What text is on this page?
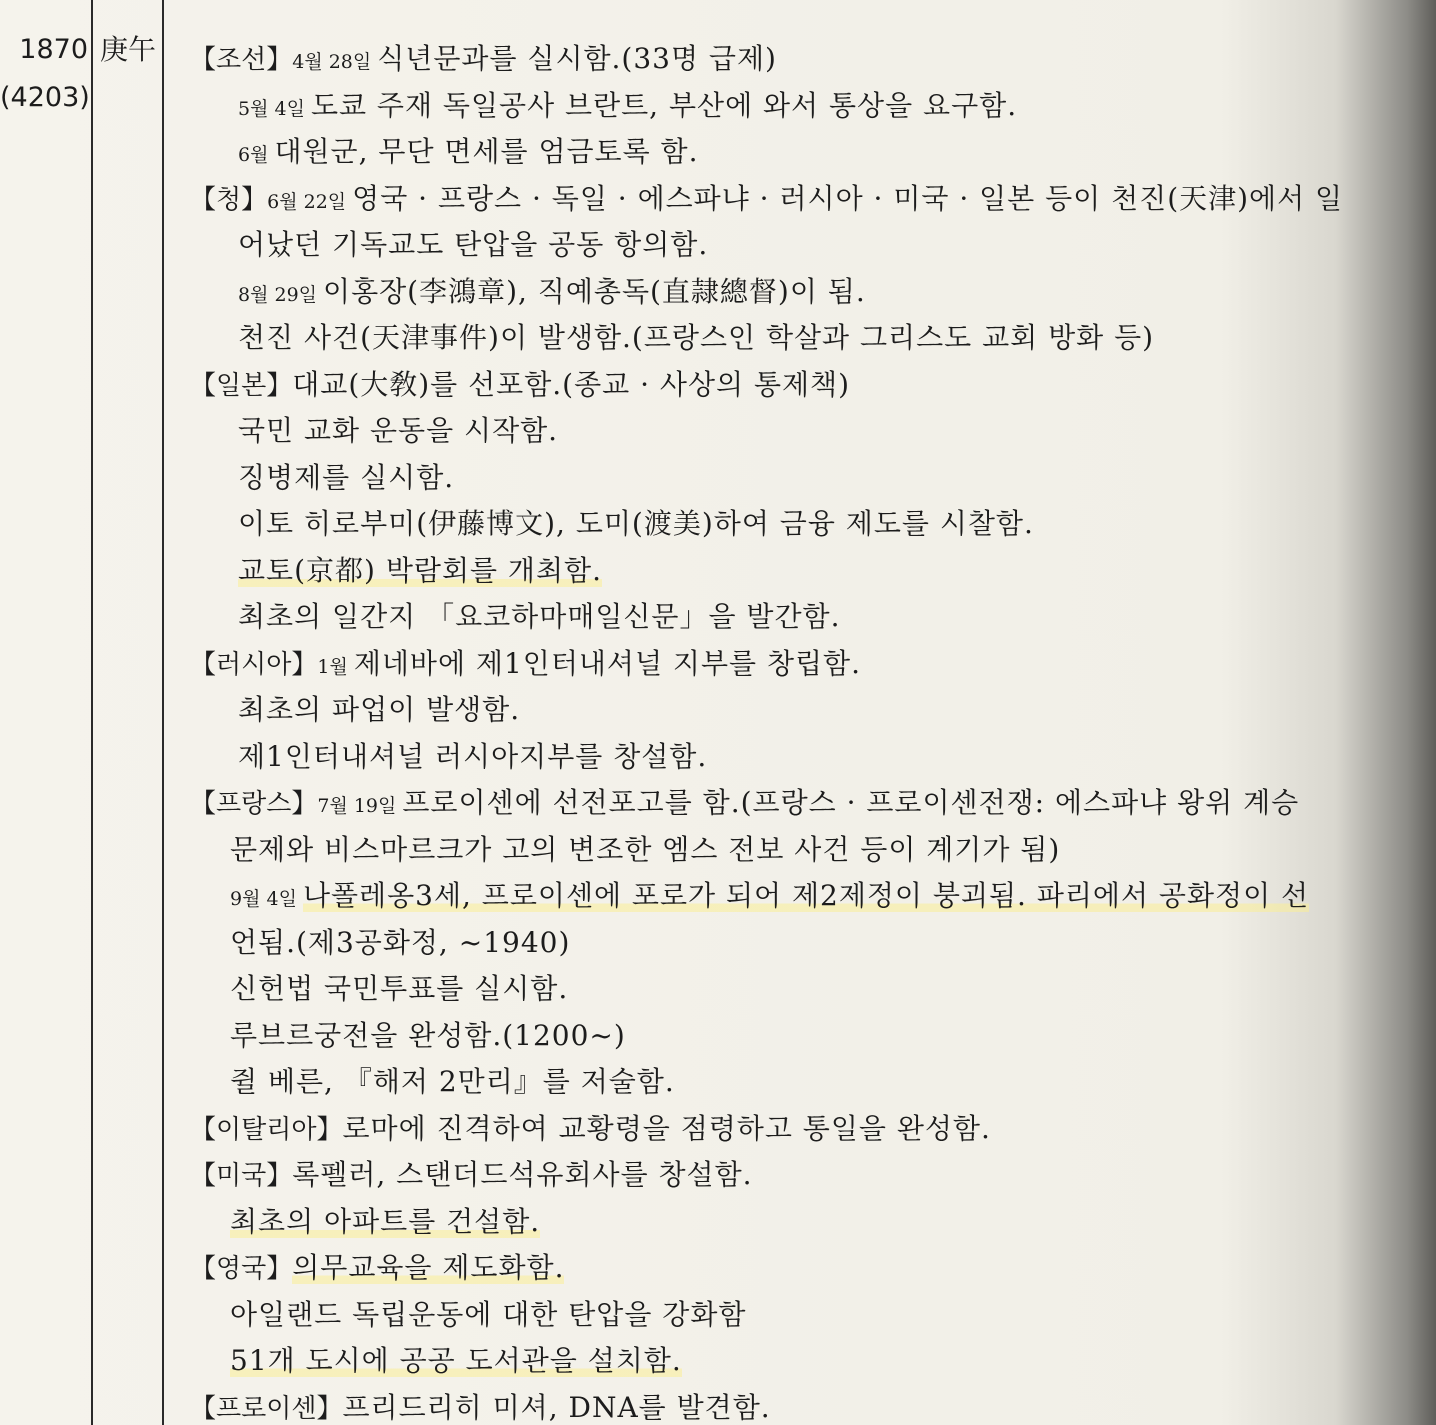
1870
(4203)
庚午 【조선】4월 28일 식년문과를 실시함.(33명 급제)
5월 4일 도쿄 주재 독일공사 브란트, 부산에 와서 통상을 요구함.
6월 대원군, 무단 면세를 엄금토록 함.
【청】6월 22일 영국 · 프랑스 · 독일 · 에스파냐 · 러시아 · 미국 · 일본 등이 천진(天津)에서 일
어났던 기독교도 탄압을 공동 항의함.
8월 29일 이홍장(李鴻章), 직예총독(直隷總督)이 됨.
천진 사건(天津事件)이 발생함.(프랑스인 학살과 그리스도 교회 방화 등)
【일본】대교(大敎)를 선포함.(종교 · 사상의 통제책)
국민 교화 운동을 시작함.
징병제를 실시함.
이토 히로부미(伊藤博文), 도미(渡美)하여 금융 제도를 시찰함.
교토(京都) 박람회를 개최함.
최초의 일간지 「요코하마매일신문」을 발간함.
【러시아】1월 제네바에 제1인터내셔널 지부를 창립함.
최초의 파업이 발생함.
제1인터내셔널 러시아지부를 창설함.
【프랑스】7월 19일 프로이센에 선전포고를 함.(프랑스 · 프로이센전쟁: 에스파냐 왕위 계승
문제와 비스마르크가 고의 변조한 엠스 전보 사건 등이 계기가 됨)
9월 4일 나폴레옹3세, 프로이센에 포로가 되어 제2제정이 붕괴됨. 파리에서 공화정이 선
언됨.(제3공화정, ~1940)
신헌법 국민투표를 실시함.
루브르궁전을 완성함.(1200~)
쥘 베른, 『해저 2만리』를 저술함.
【이탈리아】로마에 진격하여 교황령을 점령하고 통일을 완성함.
【미국】록펠러, 스탠더드석유회사를 창설함.
최초의 아파트를 건설함.
【영국】의무교육을 제도화함.
아일랜드 독립운동에 대한 탄압을 강화함
51개 도시에 공공 도서관을 설치함.
【프로이센】프리드리히 미셔, DNA를 발견함.
